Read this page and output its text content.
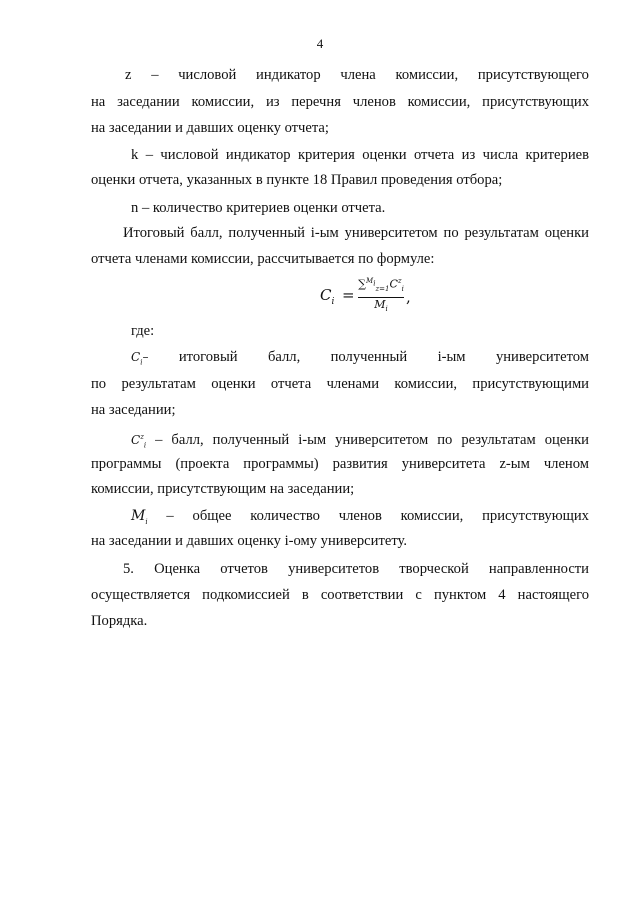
4
z – числовой индикатор члена комиссии, присутствующего
на заседании комиссии, из перечня членов комиссии, присутствующих
на заседании и давших оценку отчета;
k – числовой индикатор критерия оценки отчета из числа критериев
оценки отчета, указанных в пункте 18 Правил проведения отбора;
n – количество критериев оценки отчета.
Итоговый балл, полученный i-ым университетом по результатам оценки
отчета членами комиссии, рассчитывается по формуле:
$C_i$ =
$\sum^{M_i}_{z=1}C^z_i$
$M_i$
,
где:
$C_i-$ итоговый балл, полученный i-ым университетом
по результатам оценки отчета членами комиссии, присутствующими
на заседании;
$C^z_i$ – балл, полученный i-ым университетом по результатам оценки
программы (проекта программы) развития университета z-ым членом
комиссии, присутствующим на заседании;
$M_i$ – общее количество членов комиссии, присутствующих
на заседании и давших оценку i-ому университету.
5. Оценка отчетов университетов творческой направленности
осуществляется подкомиссией в соответствии с пунктом 4 настоящего
Порядка.
